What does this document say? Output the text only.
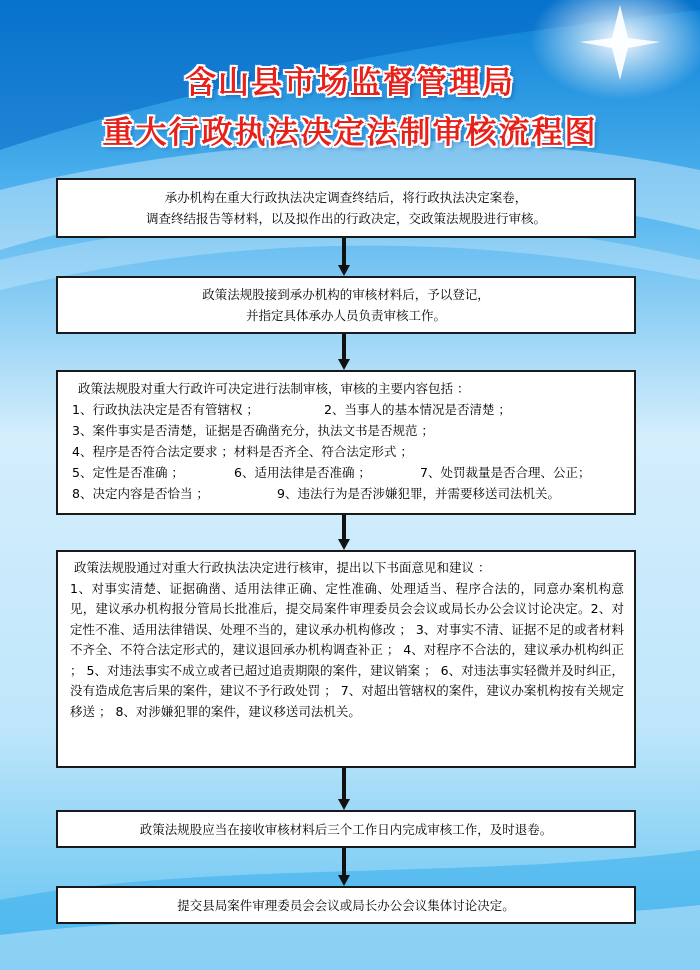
含山县市场监督管理局
重大行政执法决定法制审核流程图
承办机构在重大行政执法决定调查终结后，将行政执法决定案卷，
调查终结报告等材料，以及拟作出的行政决定，交政策法规股进行审核。
政策法规股接到承办机构的审核材料后，予以登记，
并指定具体承办人员负责审核工作。
政策法规股对重大行政许可决定进行法制审核，审核的主要内容包括 ：
1、行政执法决定是否有管辖权 ；	2、当事人的基本情况是否清楚 ；
3、案件事实是否清楚，证据是否确凿充分，执法文书是否规范 ；
4、程序是否符合法定要求 ；材料是否齐全、符合法定形式 ；
5、定性是否准确 ；	6、适用法律是否准确 ；	7、处罚裁量是否合理、公正；
8、决定内容是否恰当 ；	9、违法行为是否涉嫌犯罪，并需要移送司法机关。
政策法规股通过对重大行政执法决定进行核审，提出以下书面意见和建议 ：
1、对事实清楚、证据确凿、适用法律正确、定性准确、处理适当、程序合法的，同意办案机构意见，建议承办机构报分管局长批准后，提交局案件审理委员会会议或局长办公会议讨论决定。2、对定性不准、适用法律错误、处理不当的，建议承办机构修改 ； 3、对事实不清、证据不足的或者材料不齐全、不符合法定形式的，建议退回承办机构调查补正 ； 4、对程序不合法的，建议承办机构纠正 ； 5、对违法事实不成立或者已超过追责期限的案件，建议销案 ； 6、对违法事实轻微并及时纠正，没有造成危害后果的案件，建议不予行政处罚 ； 7、对超出管辖权的案件，建议办案机构按有关规定移送 ； 8、对涉嫌犯罪的案件，建议移送司法机关。
政策法规股应当在接收审核材料后三个工作日内完成审核工作，及时退卷。
提交县局案件审理委员会会议或局长办公会议集体讨论决定。
